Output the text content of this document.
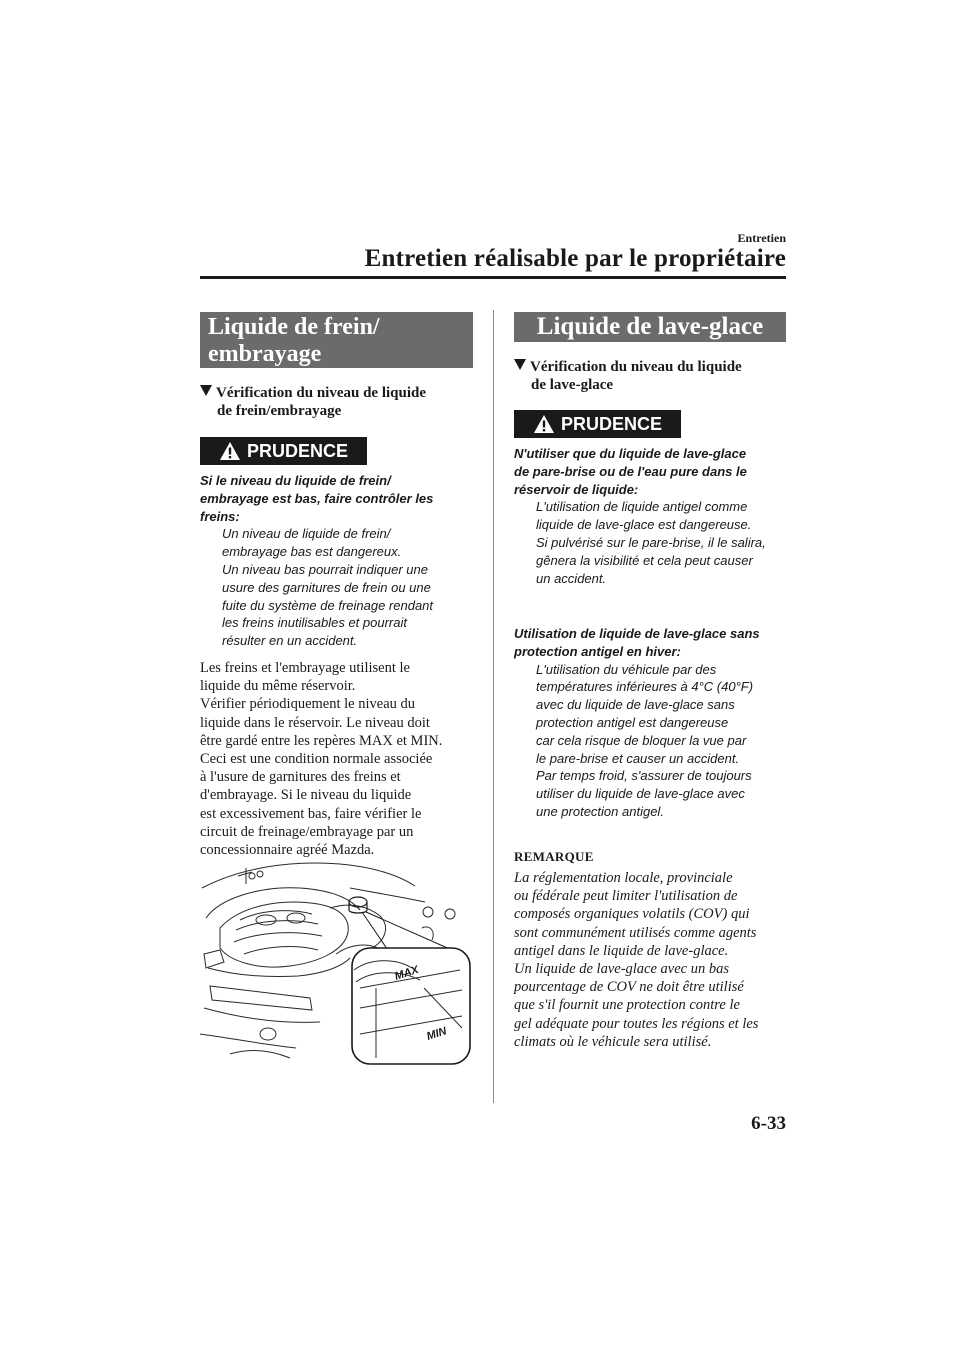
Entretien
Entretien réalisable par le propriétaire
Liquide de frein/
embrayage
Vérification du niveau de liquide
de frein/embrayage
PRUDENCE
Si le niveau du liquide de frein/
embrayage est bas, faire contrôler les
freins:
Un niveau de liquide de frein/
embrayage bas est dangereux.
Un niveau bas pourrait indiquer une
usure des garnitures de frein ou une
fuite du système de freinage rendant
les freins inutilisables et pourrait
résulter en un accident.
Les freins et l'embrayage utilisent le
liquide du même réservoir.
Vérifier périodiquement le niveau du
liquide dans le réservoir. Le niveau doit
être gardé entre les repères MAX et MIN.
Ceci est une condition normale associée
à l'usure de garnitures des freins et
d'embrayage. Si le niveau du liquide
est excessivement bas, faire vérifier le
circuit de freinage/embrayage par un
concessionnaire agréé Mazda.
MAX
MIN
Liquide de lave-glace
Vérification du niveau du liquide
de lave-glace
PRUDENCE
N'utiliser que du liquide de lave-glace
de pare-brise ou de l'eau pure dans le
réservoir de liquide:
L'utilisation de liquide antigel comme
liquide de lave-glace est dangereuse.
Si pulvérisé sur le pare-brise, il le salira,
gênera la visibilité et cela peut causer
un accident.
Utilisation de liquide de lave-glace sans
protection antigel en hiver:
L'utilisation du véhicule par des
températures inférieures à 4°C (40°F)
avec du liquide de lave-glace sans
protection antigel est dangereuse
car cela risque de bloquer la vue par
le pare-brise et causer un accident.
Par temps froid, s'assurer de toujours
utiliser du liquide de lave-glace avec
une protection antigel.
REMARQUE
La réglementation locale, provinciale
ou fédérale peut limiter l'utilisation de
composés organiques volatils (COV) qui
sont communément utilisés comme agents
antigel dans le liquide de lave-glace.
Un liquide de lave-glace avec un bas
pourcentage de COV ne doit être utilisé
que s'il fournit une protection contre le
gel adéquate pour toutes les régions et les
climats où le véhicule sera utilisé.
6-33
